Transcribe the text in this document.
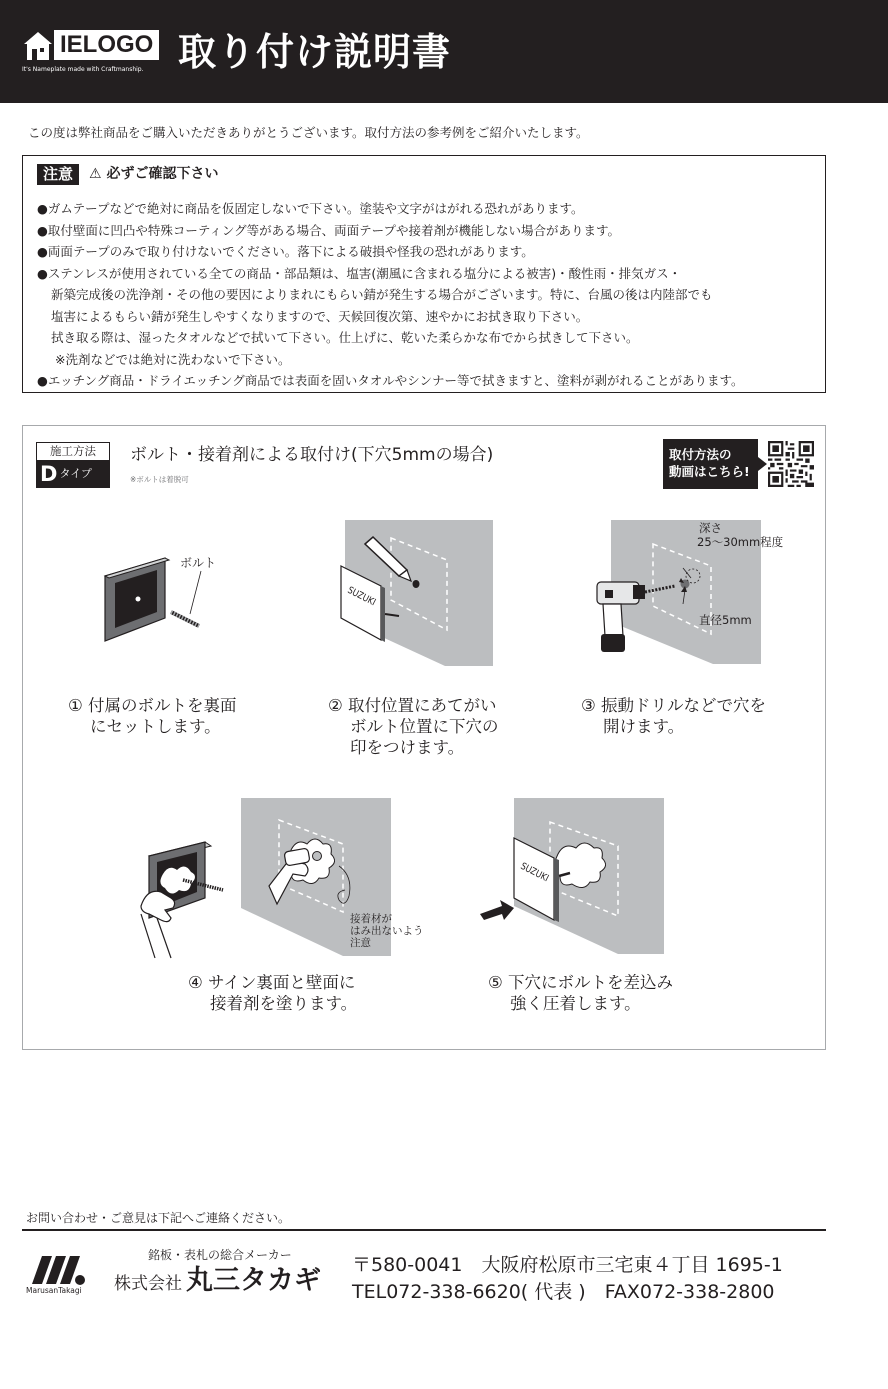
IELOGO
It's Nameplate made with Craftmanship. 取り付け説明書
この度は弊社商品をご購入いただきありがとうございます。取付方法の参考例をご紹介いたします。
注意	⚠ 必ずご確認下さい
●ガムテープなどで絶対に商品を仮固定しないで下さい。塗装や文字がはがれる恐れがあります。
●取付壁面に凹凸や特殊コーティング等がある場合、両面テープや接着剤が機能しない場合があります。
●両面テープのみで取り付けないでください。落下による破損や怪我の恐れがあります。
●ステンレスが使用されている全ての商品・部品類は、塩害(潮風に含まれる塩分による被害)・酸性雨・排気ガス・
新築完成後の洗浄剤・その他の要因によりまれにもらい錆が発生する場合がございます。特に、台風の後は内陸部でも
塩害によるもらい錆が発生しやすくなりますので、天候回復次第、速やかにお拭き取り下さい。
拭き取る際は、湿ったタオルなどで拭いて下さい。仕上げに、乾いた柔らかな布でから拭きして下さい。
※洗剤などでは絶対に洗わないで下さい。
●エッチング商品・ドライエッチング商品では表面を固いタオルやシンナー等で拭きますと、塗料が剥がれることがあります。
施工方法
D タイプ
ボルト・接着剤による取付け(下穴5mmの場合)
※ボルトは着脱可
取付方法の
動画はこちら!
ボルト
① 付属のボルトを裏面
にセットします。
SUZUKI
② 取付位置にあてがい
ボルト位置に下穴の
印をつけます。
深さ
25〜30mm程度
直径5mm
③ 振動ドリルなどで穴を
開けます。
接着材が
はみ出ないよう
注意
④ サイン裏面と壁面に
接着剤を塗ります。
SUZUKI
⑤ 下穴にボルトを差込み
強く圧着します。
お問い合わせ・ご意見は下記へご連絡ください。
MarusanTakagi
銘板・表札の総合メーカー
株式会社 丸三タカギ 〒580-0041　大阪府松原市三宅東４丁目 1695-1
TEL072-338-6620( 代表 )　FAX072-338-2800
